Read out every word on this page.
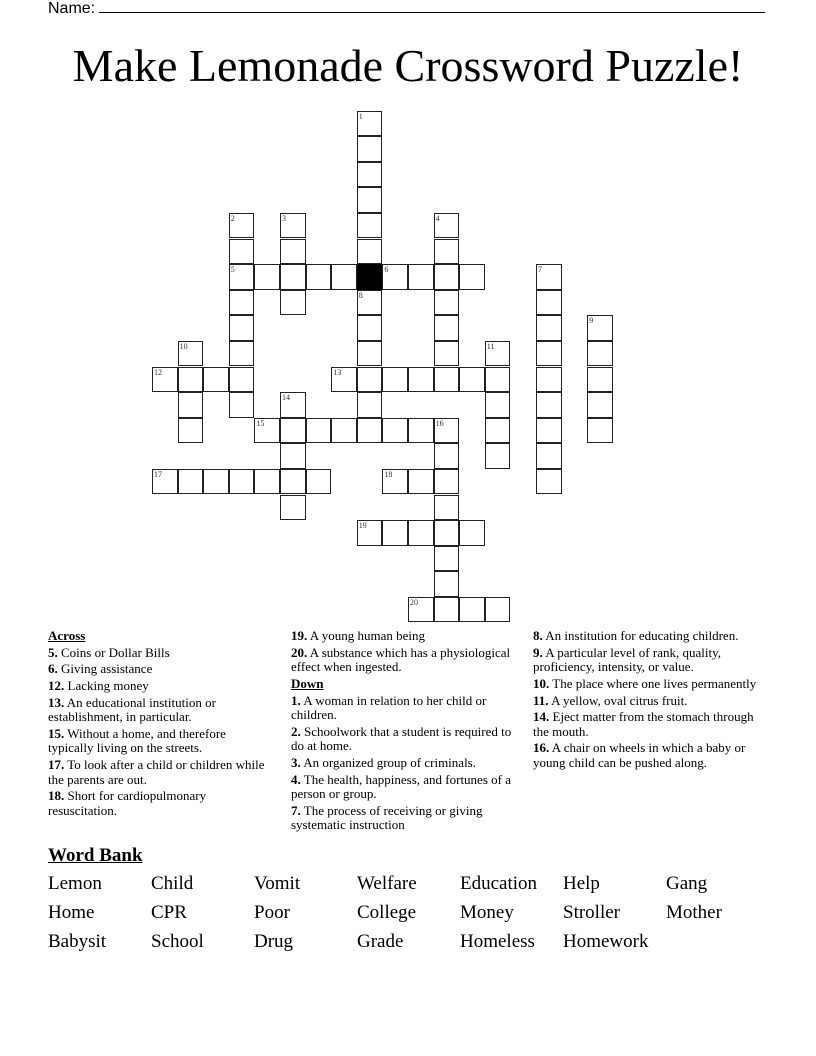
Name:
Make Lemonade Crossword Puzzle!
1
2
5
3	4
6	7
8
9
10	11
12	13
14
15	16
17	18
19
20
Across
5. Coins or Dollar Bills
6. Giving assistance
12. Lacking money
13. An educational institution or establishment, in particular.
15. Without a home, and therefore typically living on the streets.
17. To look after a child or children while the parents are out.
18. Short for cardiopulmonary resuscitation.
19. A young human being
20. A substance which has a physiological effect when ingested.
Down
1. A woman in relation to her child or children.
2. Schoolwork that a student is required to do at home.
3. An organized group of criminals.
4. The health, happiness, and fortunes of a person or group.
7. The process of receiving or giving systematic instruction
8. An institution for educating children.
9. A particular level of rank, quality, proficiency, intensity, or value.
10. The place where one lives permanently
11. A yellow, oval citrus fruit.
14. Eject matter from the stomach through the mouth.
16. A chair on wheels in which a baby or young child can be pushed along.
Word Bank
Lemon	Child	Vomit	Welfare	Education	Help	Gang
Home	CPR	Poor	College	Money	Stroller	Mother
Babysit	School	Drug	Grade	Homeless	Homework
